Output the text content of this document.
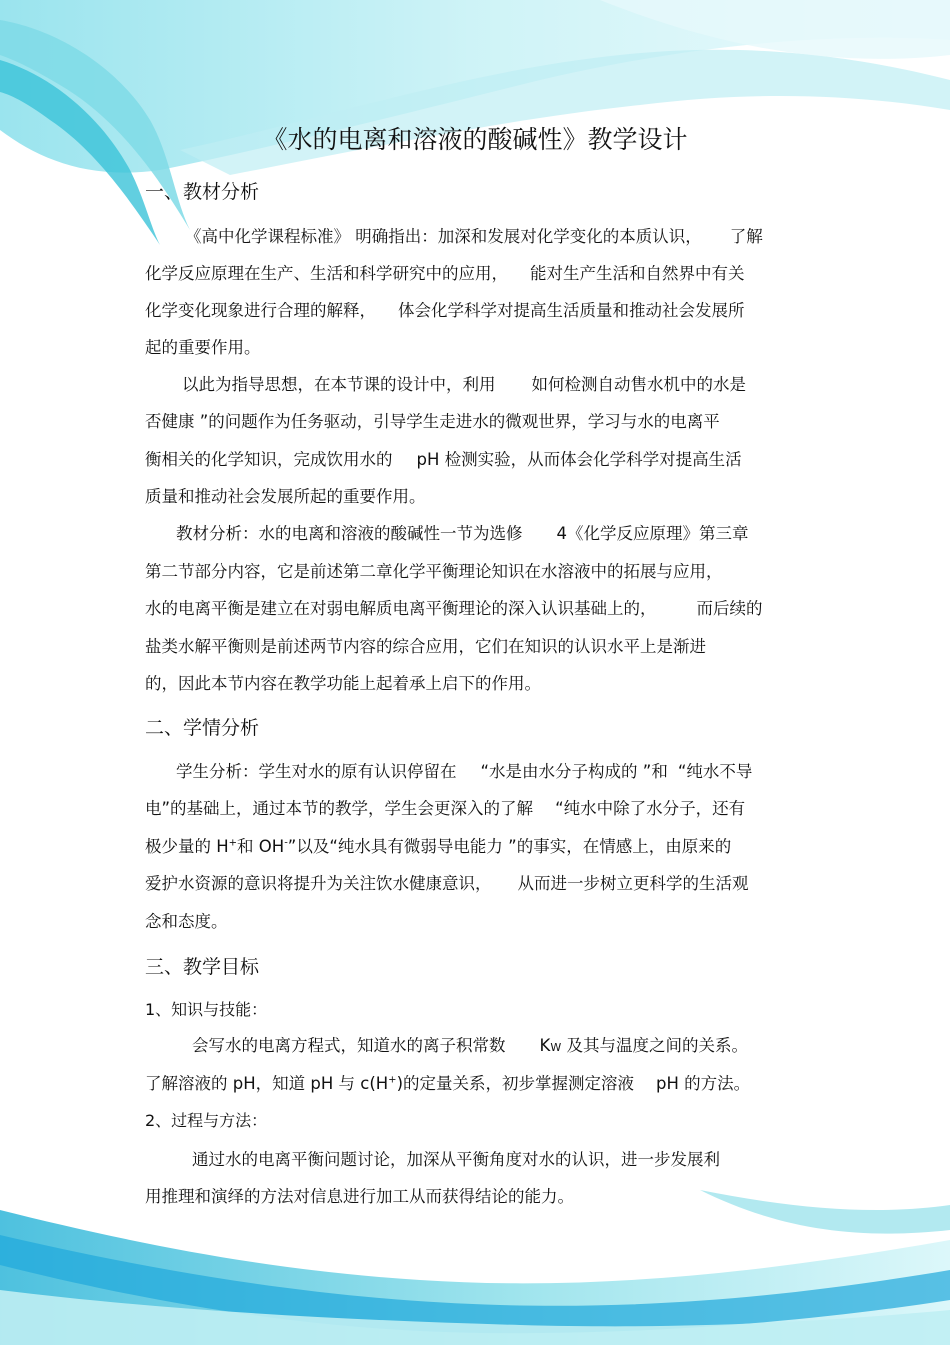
《水的电离和溶液的酸碱性》教学设计
一、教材分析
《高中化学课程标准》 明确指出：加深和发展对化学变化的本质认识， 了解
化学反应原理在生产、生活和科学研究中的应用， 能对生产生活和自然界中有关
化学变化现象进行合理的解释， 体会化学科学对提高生活质量和推动社会发展所
起的重要作用。
以此为指导思想，在本节课的设计中，利用 如何检测自动售水机中的水是
否健康 ”的问题作为任务驱动，引导学生走进水的微观世界，学习与水的电离平
衡相关的化学知识，完成饮用水的 pH 检测实验，从而体会化学科学对提高生活
质量和推动社会发展所起的重要作用。
教材分析：水的电离和溶液的酸碱性一节为选修 4《化学反应原理》第三章
第二节部分内容，它是前述第二章化学平衡理论知识在水溶液中的拓展与应用，
水的电离平衡是建立在对弱电解质电离平衡理论的深入认识基础上的， 而后续的
盐类水解平衡则是前述两节内容的综合应用，它们在知识的认识水平上是渐进
的，因此本节内容在教学功能上起着承上启下的作用。
二、学情分析
学生分析：学生对水的原有认识停留在 “水是由水分子构成的 ”和 “纯水不导
电”的基础上，通过本节的教学，学生会更深入的了解 “纯水中除了水分子，还有
极少量的 H+和 OH-”以及“纯水具有微弱导电能力 ”的事实，在情感上，由原来的
爱护水资源的意识将提升为关注饮水健康意识， 从而进一步树立更科学的生活观
念和态度。
三、教学目标
1、知识与技能：
会写水的电离方程式，知道水的离子积常数 KW 及其与温度之间的关系。
了解溶液的 pH，知道 pH 与 c(H+)的定量关系，初步掌握测定溶液 pH 的方法。
2、过程与方法：
通过水的电离平衡问题讨论，加深从平衡角度对水的认识，进一步发展利
用推理和演绎的方法对信息进行加工从而获得结论的能力。
